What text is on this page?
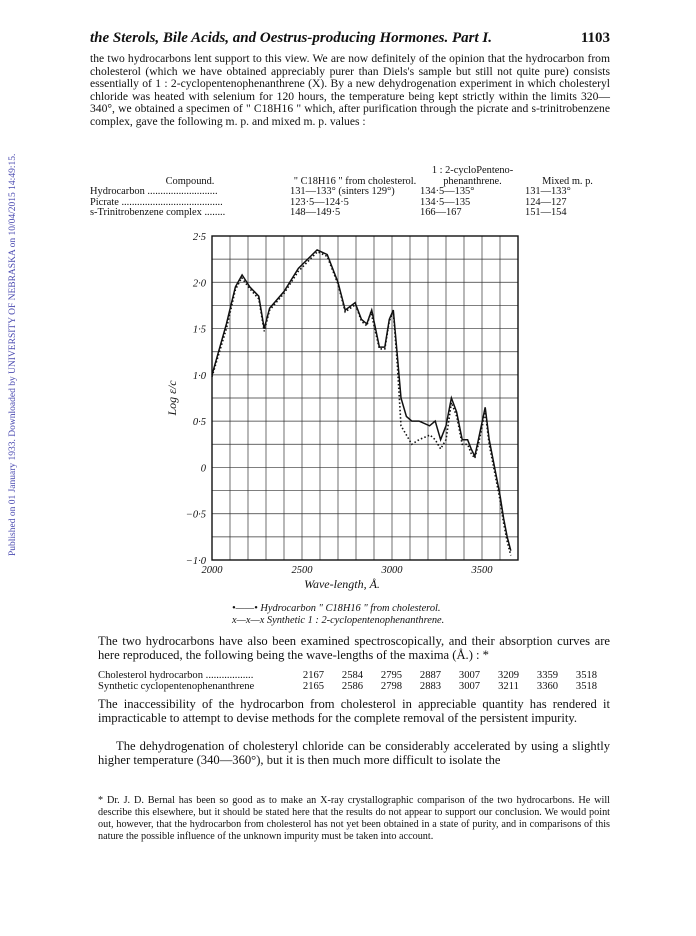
Published on 01 January 1933. Downloaded by UNIVERSITY OF NEBRASKA on 10/04/2015 14:49:15.
the Sterols, Bile Acids, and Oestrus-producing Hormones. Part I.	1103

the two hydrocarbons lent support to this view. We are now definitely of the opinion that the hydrocarbon from cholesterol (which we have obtained appreciably purer than Diels's sample but still not quite pure) consists essentially of 1 : 2-cyclopentenophenanthrene (X). By a new dehydrogenation experiment in which cholesteryl chloride was heated with selenium for 120 hours, the temperature being kept strictly within the limits 320—340°, we obtained a specimen of " C18H16 " which, after purification through the picrate and s-trinitrobenzene complex, gave the following m. p. and mixed m. p. values :

Compound.	" C18H16 " from cholesterol.	1 : 2-cycloPenteno-phenanthrene.	Mixed m. p.
Hydrocarbon ...........................	131—133° (sinters 129°)	134·5—135°	131—133°
Picrate .......................................	123·5—124·5	134·5—135	124—127
s-Trinitrobenzene complex ........	148—149·5	166—167	151—154
2·5
2·0
1·5
1·0
0·5
0
−0·5
−1·0
2000	2500	3000	3500
Wave-length, Å.
Log ε/c
•——• Hydrocarbon " C18H16 " from cholesterol.
x—x—x Synthetic 1 : 2-cyclopentenophenanthrene.

The two hydrocarbons have also been examined spectroscopically, and their absorption curves are here reproduced, the following being the wave-lengths of the maxima (Å.) : *

Cholesterol hydrocarbon ..................	2167	2584	2795	2887	3007	3209	3359	3518
Synthetic cyclopentenophenanthrene	2165	2586	2798	2883	3007	3211	3360	3518

The inaccessibility of the hydrocarbon from cholesterol in appreciable quantity has rendered it impracticable to attempt to devise methods for the complete removal of the persistent impurity.

The dehydrogenation of cholesteryl chloride can be considerably accelerated by using a slightly higher temperature (340—360°), but it is then much more difficult to isolate the

* Dr. J. D. Bernal has been so good as to make an X-ray crystallographic comparison of the two hydrocarbons. He will describe this elsewhere, but it should be stated here that the results do not appear to support our conclusion. We would point out, however, that the hydrocarbon from cholesterol has not yet been obtained in a state of purity, and in comparisons of this nature the possible influence of the unknown impurity must be taken into account.
